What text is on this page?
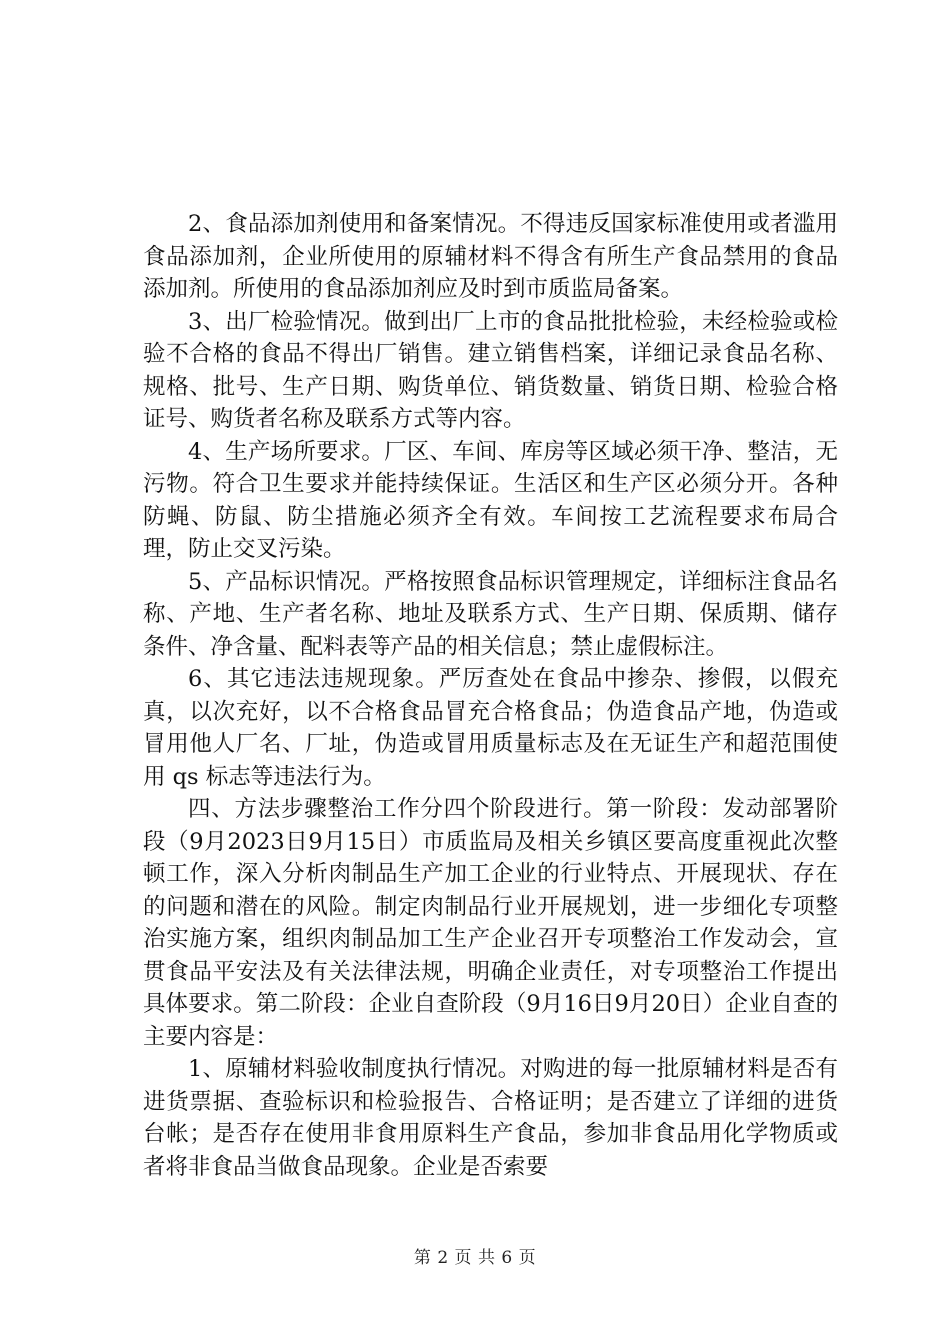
2、食品添加剂使用和备案情况。不得违反国家标准使用或者滥用食品添加剂，企业所使用的原辅材料不得含有所生产食品禁用的食品添加剂。所使用的食品添加剂应及时到市质监局备案。

3、出厂检验情况。做到出厂上市的食品批批检验，未经检验或检验不合格的食品不得出厂销售。建立销售档案，详细记录食品名称、规格、批号、生产日期、购货单位、销货数量、销货日期、检验合格证号、购货者名称及联系方式等内容。

4、生产场所要求。厂区、车间、库房等区域必须干净、整洁，无污物。符合卫生要求并能持续保证。生活区和生产区必须分开。各种防蝇、防鼠、防尘措施必须齐全有效。车间按工艺流程要求布局合理，防止交叉污染。

5、产品标识情况。严格按照食品标识管理规定，详细标注食品名称、产地、生产者名称、地址及联系方式、生产日期、保质期、储存条件、净含量、配料表等产品的相关信息；禁止虚假标注。

6、其它违法违规现象。严厉查处在食品中掺杂、掺假，以假充真，以次充好，以不合格食品冒充合格食品；伪造食品产地，伪造或冒用他人厂名、厂址，伪造或冒用质量标志及在无证生产和超范围使用 qs 标志等违法行为。

四、方法步骤整治工作分四个阶段进行。第一阶段：发动部署阶段（9月2023日9月15日）市质监局及相关乡镇区要高度重视此次整顿工作，深入分析肉制品生产加工企业的行业特点、开展现状、存在的问题和潜在的风险。制定肉制品行业开展规划，进一步细化专项整治实施方案，组织肉制品加工生产企业召开专项整治工作发动会，宣贯食品平安法及有关法律法规，明确企业责任，对专项整治工作提出具体要求。第二阶段：企业自查阶段（9月16日9月20日）企业自查的主要内容是：

1、原辅材料验收制度执行情况。对购进的每一批原辅材料是否有进货票据、查验标识和检验报告、合格证明；是否建立了详细的进货台帐；是否存在使用非食用原料生产食品，参加非食品用化学物质或者将非食品当做食品现象。企业是否索要

第 2 页 共 6 页
